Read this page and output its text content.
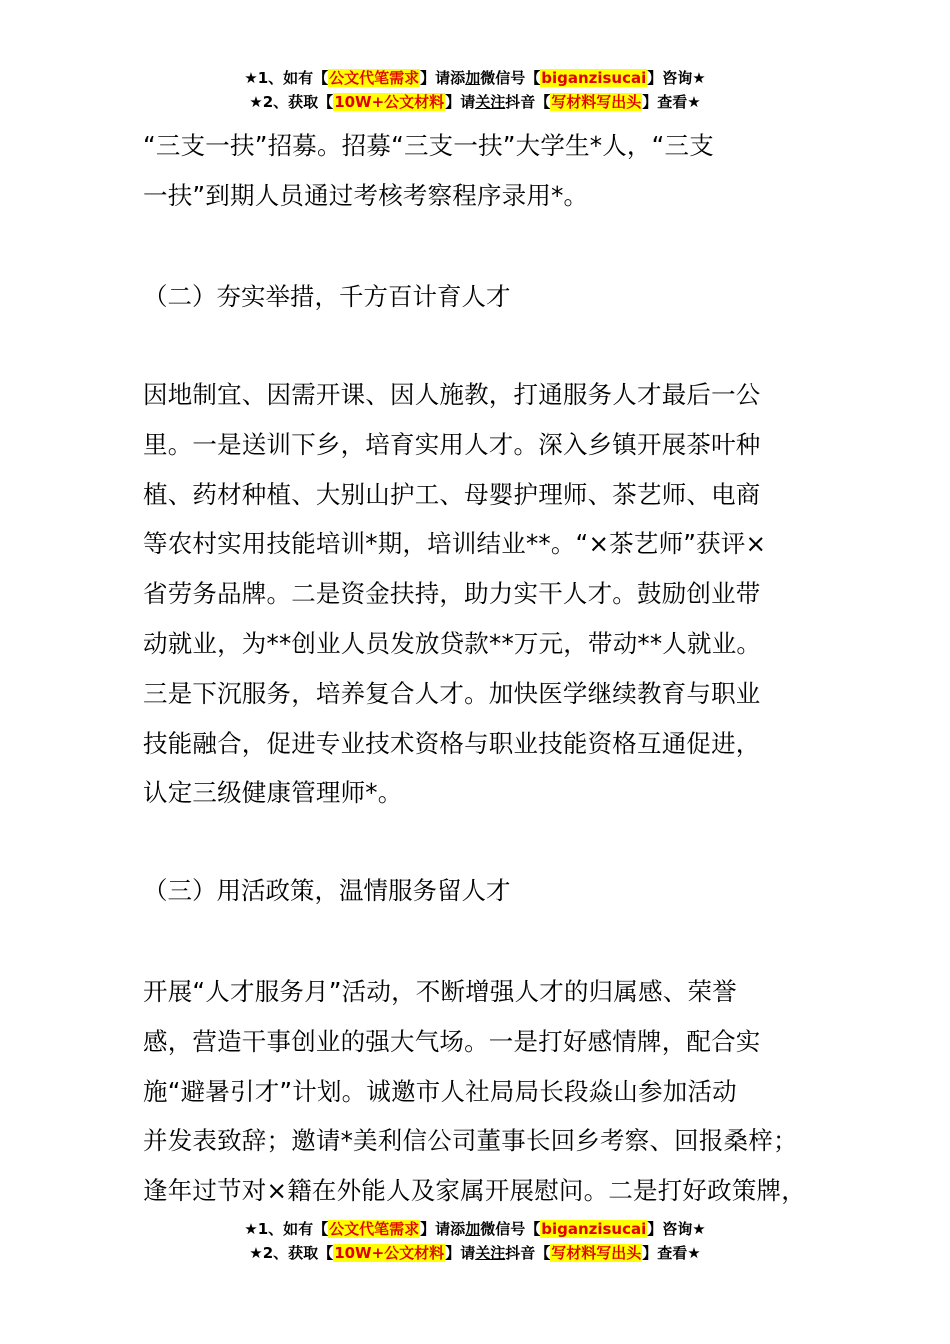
★1、如有【公文代笔需求】请添加微信号【biganzisucai】咨询★
★2、获取【10W+公文材料】请关注抖音【写材料写出头】查看★
“三支一扶”招募。招募“三支一扶”大学生*人，“三支
一扶”到期人员通过考核考察程序录用*。
（二）夯实举措，千方百计育人才
因地制宜、因需开课、因人施教，打通服务人才最后一公
里。一是送训下乡，培育实用人才。深入乡镇开展茶叶种
植、药材种植、大别山护工、母婴护理师、茶艺师、电商
等农村实用技能培训*期，培训结业**。“×茶艺师”获评×
省劳务品牌。二是资金扶持，助力实干人才。鼓励创业带
动就业，为**创业人员发放贷款**万元，带动**人就业。
三是下沉服务，培养复合人才。加快医学继续教育与职业
技能融合，促进专业技术资格与职业技能资格互通促进，
认定三级健康管理师*。
（三）用活政策，温情服务留人才
开展“人才服务月”活动，不断增强人才的归属感、荣誉
感，营造干事创业的强大气场。一是打好感情牌，配合实
施“避暑引才”计划。诚邀市人社局局长段焱山参加活动
并发表致辞；邀请*美利信公司董事长回乡考察、回报桑梓；
逢年过节对×籍在外能人及家属开展慰问。二是打好政策牌，
★1、如有【公文代笔需求】请添加微信号【biganzisucai】咨询★
★2、获取【10W+公文材料】请关注抖音【写材料写出头】查看★
